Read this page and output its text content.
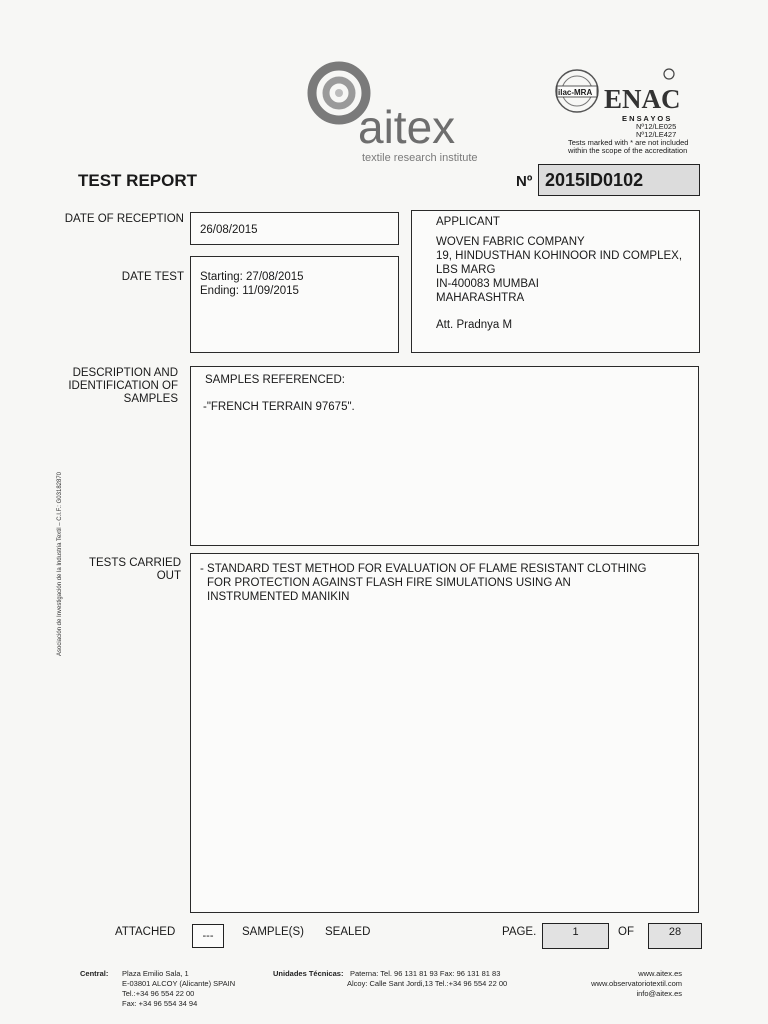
aitex
textile research institute
ilac-MRA ENAC
E N S A Y O S
Nº12/LE025
Nº12/LE427
Tests marked with * are not included
within the scope of the accreditation
TEST REPORT	Nº 2015ID0102
DATE OF RECEPTION
26/08/2015
DATE TEST Starting: 27/08/2015
Ending: 11/09/2015
APPLICANT
WOVEN FABRIC COMPANY
19, HINDUSTHAN KOHINOOR IND COMPLEX,
LBS MARG
IN-400083 MUMBAI
MAHARASHTRA
Att. Pradnya M
DESCRIPTION AND
IDENTIFICATION OF
SAMPLES
SAMPLES REFERENCED:
-"FRENCH TERRAIN 97675".
TESTS CARRIED
OUT
- STANDARD TEST METHOD FOR EVALUATION OF FLAME RESISTANT CLOTHING
FOR PROTECTION AGAINST FLASH FIRE SIMULATIONS USING AN
INSTRUMENTED MANIKIN
Asociación de Investigación de la Industria Textil – C.I.F.: G03182870
ATTACHED	---	SAMPLE(S) SEALED	PAGE.	1	OF	28
Central: Plaza Emilio Sala, 1
E-03801 ALCOY (Alicante) SPAIN
Tel.:+34 96 554 22 00
Fax: +34 96 554 34 94
Unidades Técnicas: Paterna: Tel. 96 131 81 93 Fax: 96 131 81 83
Alcoy: Calle Sant Jordi,13 Tel.:+34 96 554 22 00
www.aitex.es
www.observatoriotextil.com
info@aitex.es
